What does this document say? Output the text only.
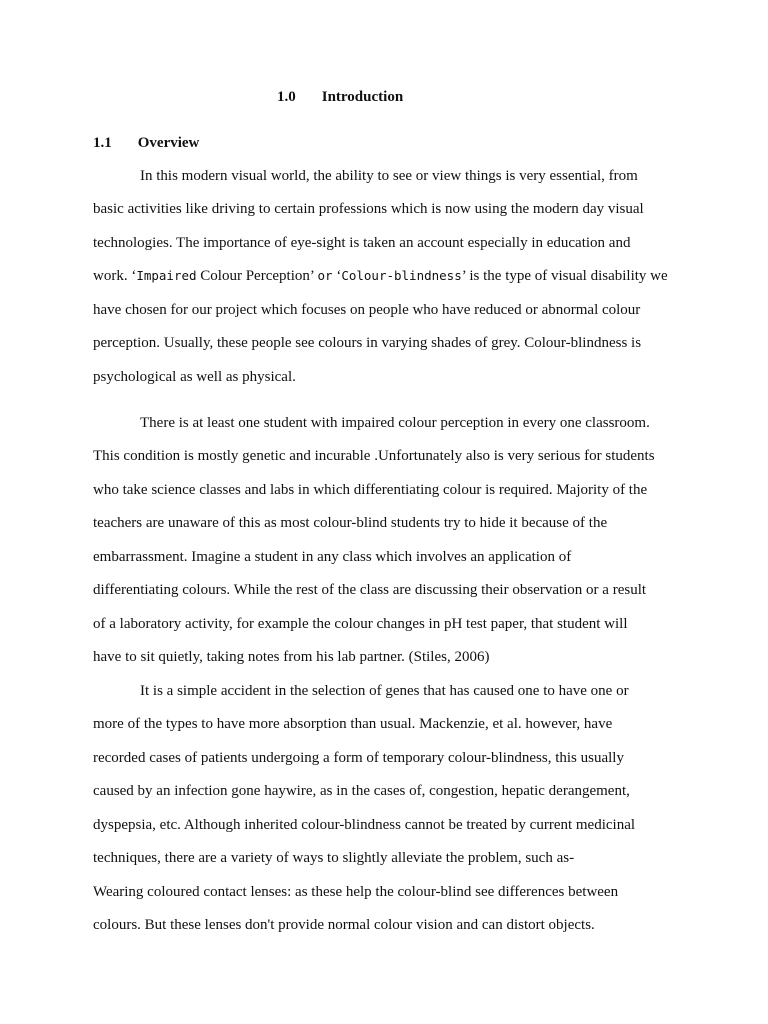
1.0 Introduction
1.1 Overview

In this modern visual world, the ability to see or view things is very essential, from

basic activities like driving to certain professions which is now using the modern day visual

technologies. The importance of eye-sight is taken an account especially in education and

work. ‘Impaired Colour Perception’ or ‘Colour-blindness’ is the type of visual disability we

have chosen for our project which focuses on people who have reduced or abnormal colour

perception. Usually, these people see colours in varying shades of grey. Colour-blindness is

psychological as well as physical.

There is at least one student with impaired colour perception in every one classroom.

This condition is mostly genetic and incurable .Unfortunately also is very serious for students

who take science classes and labs in which differentiating colour is required. Majority of the

teachers are unaware of this as most colour-blind students try to hide it because of the

embarrassment. Imagine a student in any class which involves an application of

differentiating colours. While the rest of the class are discussing their observation or a result

of a laboratory activity, for example the colour changes in pH test paper, that student will

have to sit quietly, taking notes from his lab partner. (Stiles, 2006)

It is a simple accident in the selection of genes that has caused one to have one or

more of the types to have more absorption than usual. Mackenzie, et al. however, have

recorded cases of patients undergoing a form of temporary colour-blindness, this usually

caused by an infection gone haywire, as in the cases of, congestion, hepatic derangement,

dyspepsia, etc. Although inherited colour-blindness cannot be treated by current medicinal

techniques, there are a variety of ways to slightly alleviate the problem, such as-

Wearing coloured contact lenses: as these help the colour-blind see differences between

colours. But these lenses don't provide normal colour vision and can distort objects.
